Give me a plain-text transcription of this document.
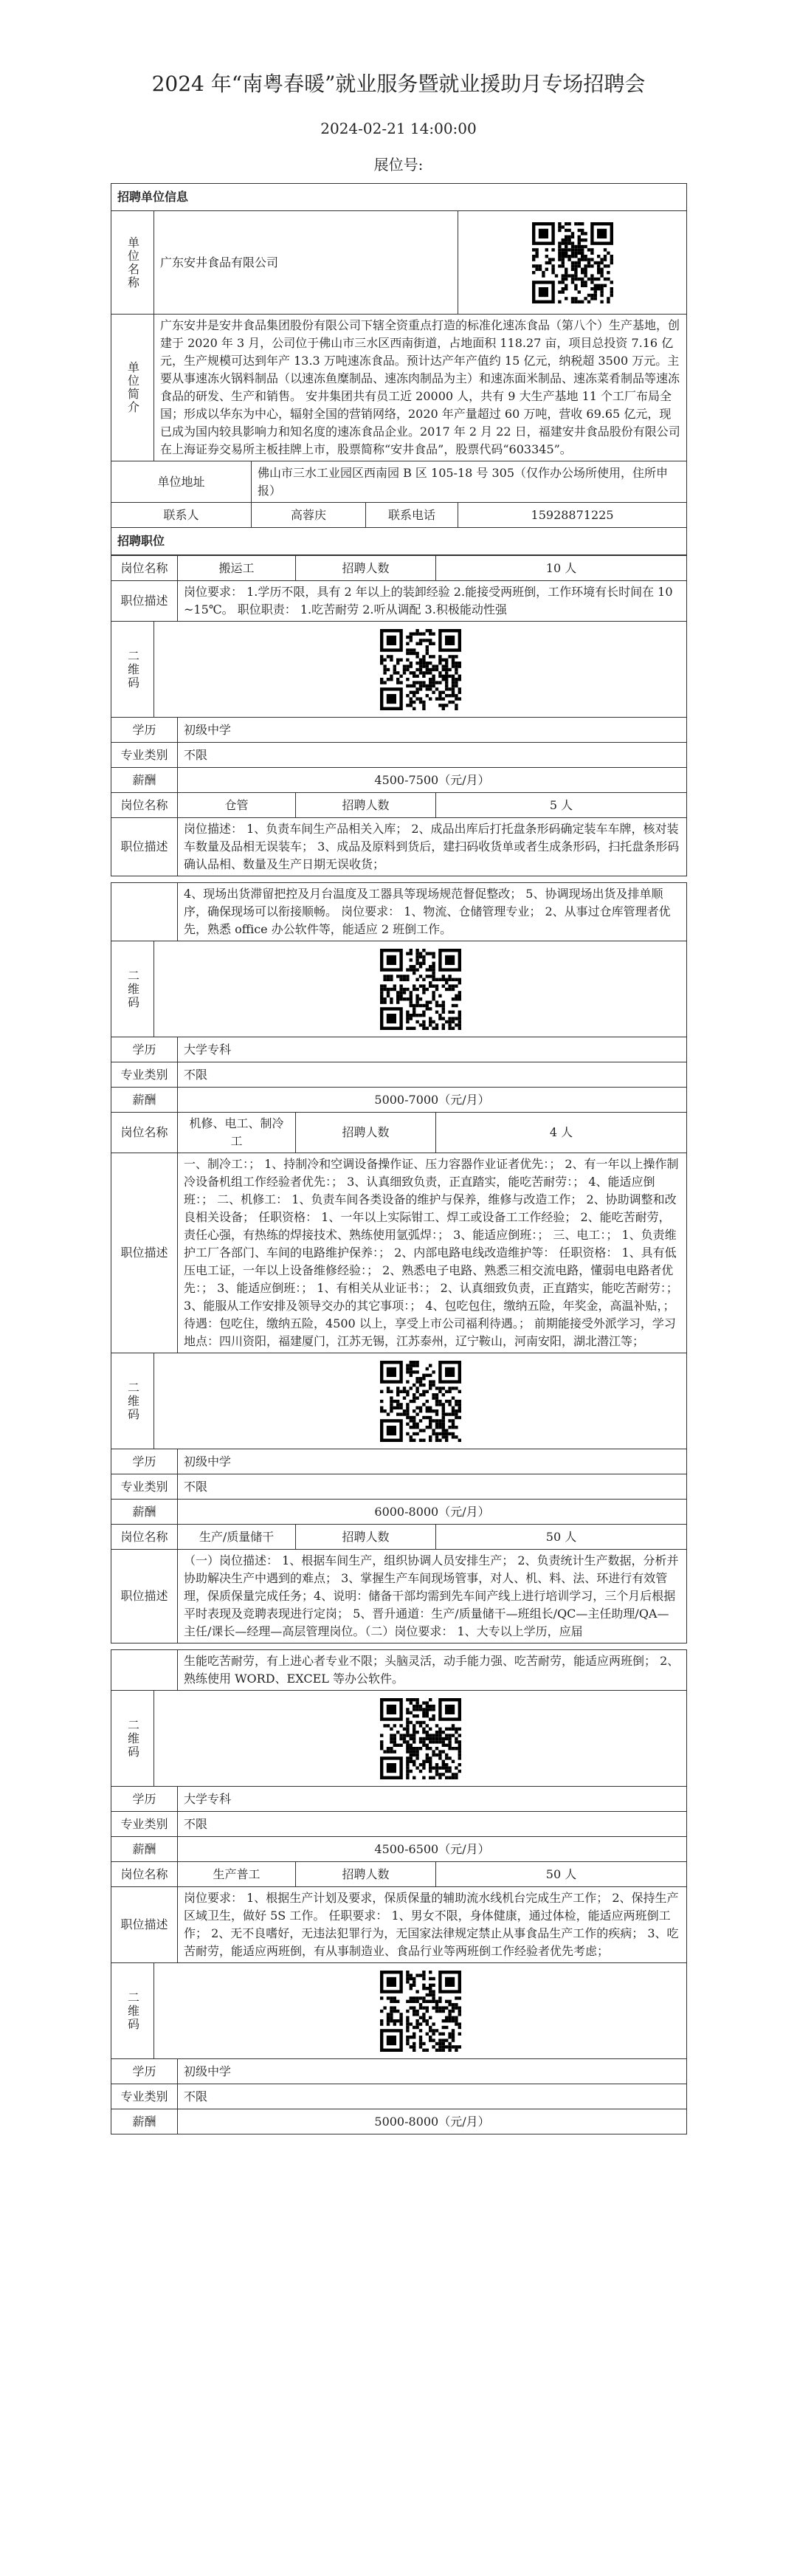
2024 年“南粤春暖”就业服务暨就业援助月专场招聘会
2024-02-21 14:00:00
展位号:
招聘单位信息				
单位名称	广东安井食品有限公司	

单位简介	广东安井是安井食品集团股份有限公司下辖全资重点打造的标准化速冻食品（第八个）生产基地，创建于 2020 年 3 月，公司位于佛山市三水区西南街道，占地面积 118.27 亩，项目总投资 7.16 亿元，生产规模可达到年产 13.3 万吨速冻食品。预计达产年产值约 15 亿元，纳税超 3500 万元。主要从事速冻火锅料制品（以速冻鱼糜制品、速冻肉制品为主）和速冻面米制品、速冻菜肴制品等速冻食品的研发、生产和销售。 安井集团共有员工近 20000 人，共有 9 大生产基地 11 个工厂布局全国；形成以华东为中心，辐射全国的营销网络，2020 年产量超过 60 万吨，营收 69.65 亿元，现已成为国内较具影响力和知名度的速冻食品企业。2017 年 2 月 22 日，福建安井食品股份有限公司在上海证券交易所主板挂牌上市，股票简称“安井食品”，股票代码“603345”。			
单位地址		佛山市三水工业园区西南园 B 区 105-18 号 305（仅作办公场所使用，住所申报）		
联系人		高蓉庆	联系电话	15928871225
招聘职位				
岗位名称		搬运工	招聘人数	10 人
职位描述		岗位要求： 1.学历不限，具有 2 年以上的装卸经验 2.能接受两班倒，工作环境有长时间在 10~15℃。 职位职责： 1.吃苦耐劳 2.听从调配 3.积极能动性强		
二维码	

学历		初级中学		
专业类别		不限		
薪酬		4500-7500（元/月）		
岗位名称		仓管	招聘人数	5 人
职位描述		岗位描述： 1、负责车间生产品相关入库； 2、成品出库后打托盘条形码确定装车车牌，核对装车数量及品相无误装车； 3、成品及原料到货后，建扫码收货单或者生成条形码，扫托盘条形码确认品相、数量及生产日期无误收货；		

		4、现场出货滞留把控及月台温度及工器具等现场规范督促整改； 5、协调现场出货及排单顺序，确保现场可以衔接顺畅。 岗位要求： 1、物流、仓储管理专业； 2、从事过仓库管理者优先，熟悉 office 办公软件等，能适应 2 班倒工作。		
二维码	

学历		大学专科		
专业类别		不限		
薪酬		5000-7000（元/月）		
岗位名称		机修、电工、制冷工	招聘人数	4 人
职位描述		一、制冷工：； 1、持制冷和空调设备操作证、压力容器作业证者优先：； 2、有一年以上操作制冷设备机组工作经验者优先：； 3、认真细致负责，正直踏实，能吃苦耐劳：； 4、能适应倒班：； 二、机修工： 1、负责车间各类设备的维护与保养，维修与改造工作； 2、协助调整和改良相关设备； 任职资格： 1、一年以上实际钳工、焊工或设备工工作经验； 2、能吃苦耐劳，责任心强，有热练的焊接技术、熟练使用氩弧焊：； 3、能适应倒班：； 三、电工：； 1、负责维护工厂各部门、车间的电路维护保养：； 2、内部电路电线改造维护等： 任职资格： 1、具有低压电工证，一年以上设备维修经验：； 2、熟悉电子电路、熟悉三相交流电路，懂弱电电路者优先：； 3、能适应倒班：； 1、有相关从业证书：； 2、认真细致负责，正直踏实，能吃苦耐劳：； 3、能服从工作安排及领导交办的其它事项：； 4、包吃包住，缴纳五险，年奖金，高温补贴，； 待遇：包吃住，缴纳五险，4500 以上，享受上市公司福利待遇。； 前期能接受外派学习，学习地点：四川资阳，福建厦门，江苏无锡，江苏泰州，辽宁鞍山，河南安阳，湖北潜江等；		
二维码	

学历		初级中学		
专业类别		不限		
薪酬		6000-8000（元/月）		
岗位名称		生产/质量储干	招聘人数	50 人
职位描述		（一）岗位描述： 1、根据车间生产，组织协调人员安排生产； 2、负责统计生产数据，分析并协助解决生产中遇到的难点； 3、掌握生产车间现场管事，对人、机、料、法、环进行有效管理，保质保量完成任务；4、说明：储备干部均需到先车间产线上进行培训学习，三个月后根据平时表现及竞聘表现进行定岗； 5、晋升通道：生产/质量储干—班组长/QC—主任助理/QA—主任/课长—经理—高层管理岗位。（二）岗位要求： 1、大专以上学历，应届		

		生能吃苦耐劳，有上进心者专业不限；头脑灵活，动手能力强、吃苦耐劳，能适应两班倒； 2、熟练使用 WORD、EXCEL 等办公软件。		
二维码	

学历		大学专科		
专业类别		不限		
薪酬		4500-6500（元/月）		
岗位名称		生产普工	招聘人数	50 人
职位描述		岗位要求： 1、根据生产计划及要求，保质保量的辅助流水线机台完成生产工作； 2、保持生产区域卫生，做好 5S 工作。 任职要求： 1、男女不限，身体健康，通过体检，能适应两班倒工作； 2、无不良嗜好，无违法犯罪行为，无国家法律规定禁止从事食品生产工作的疾病； 3、吃苦耐劳，能适应两班倒，有从事制造业、食品行业等两班倒工作经验者优先考虑；		
二维码	

学历		初级中学		
专业类别		不限		
薪酬		5000-8000（元/月）		
